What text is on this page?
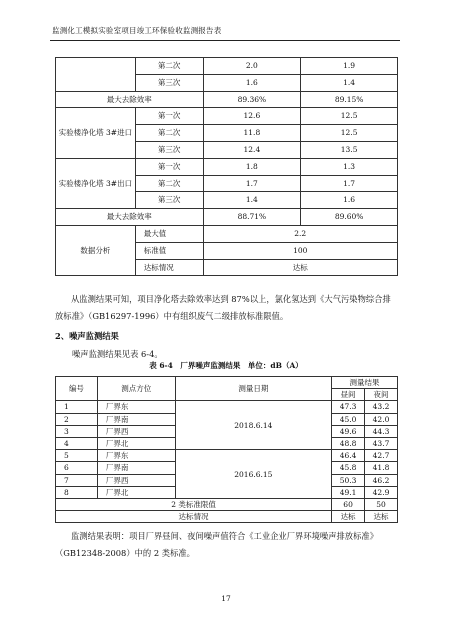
监测化工模拟实验室项目竣工环保验收监测报告表
	第二次	2.0	1.9
	第三次	1.6	1.4
最大去除效率		89.36%	89.15%
实验楼净化塔 3#进口	第一次	12.6	12.5
	第二次	11.8	12.5
	第三次	12.4	13.5
实验楼净化塔 3#出口	第一次	1.8	1.3
	第二次	1.7	1.7
	第三次	1.4	1.6
最大去除效率		88.71%	89.60%
数据分析	最大值	2.2	
	标准值	100	
	达标情况	达标	
从监测结果可知，项目净化塔去除效率达到 87%以上，氯化氢达到《大气污染物综合排放标准》（GB16297-1996）中有组织废气二级排放标准限值。
2、噪声监测结果
噪声监测结果见表 6-4。
表 6-4　厂界噪声监测结果　单位：dB（A）
编号	测点方位	测量日期	测量结果	
			昼间	夜间
1	厂界东	2018.6.14	47.3	43.2
2	厂界南		45.0	42.0
3	厂界西		49.6	44.3
4	厂界北		48.8	43.7
5	厂界东	2016.6.15	46.4	42.7
6	厂界南		45.8	41.8
7	厂界西		50.3	46.2
8	厂界北		49.1	42.9
2 类标准限值			60	50
达标情况			达标	达标
监测结果表明：项目厂界昼间、夜间噪声值符合《工业企业厂界环境噪声排放标准》（GB12348-2008）中的 2 类标准。
17
